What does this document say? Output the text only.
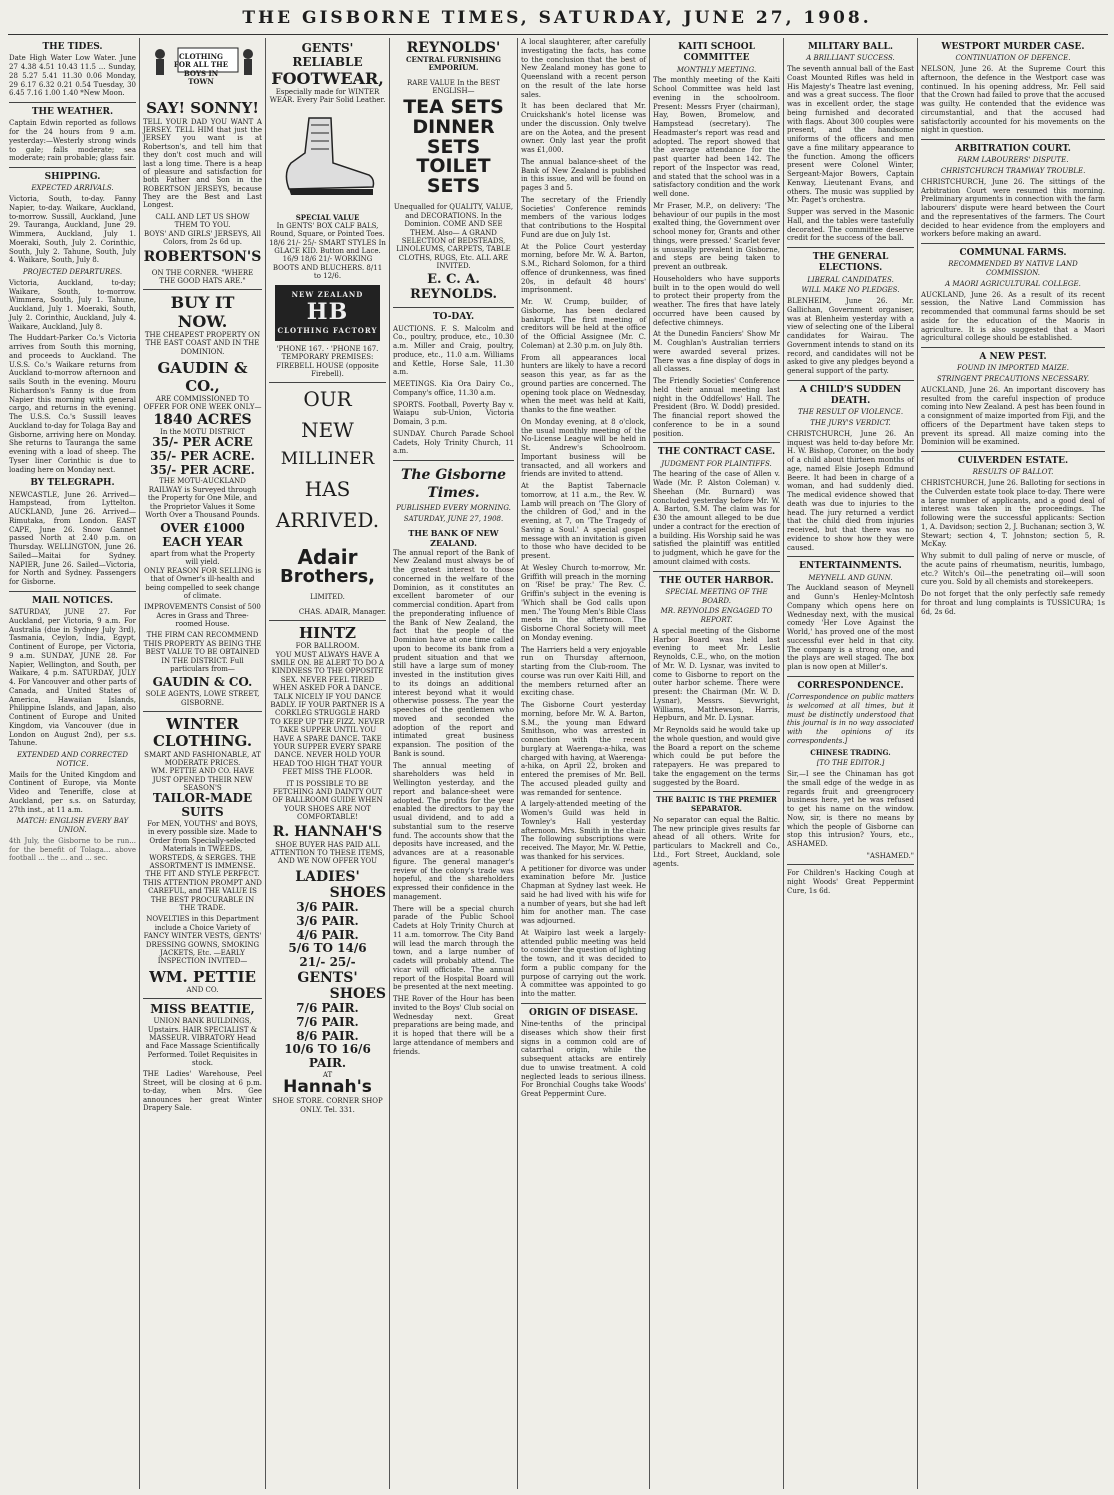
THE GISBORNE TIMES, SATURDAY, JUNE 27, 1908.
THE TIDES.

Date High Water Low Water. June 27 4.38 4.51 10.43 11.5 ... Sunday, 28 5.27 5.41 11.30 0.06 Monday, 29 6.17 6.32 0.21 0.54 Tuesday, 30 6.45 7.16 1.00 1.40 *New Moon.

THE WEATHER.

Captain Edwin reported as follows for the 24 hours from 9 a.m. yesterday:—Westerly strong winds to gale; falls moderate; sea moderate; rain probable; glass fair.

SHIPPING.
EXPECTED ARRIVALS.

Victoria, South, to-day. Fanny Napier, to-day. Waikare, Auckland, to-morrow. Sussill, Auckland, June 29. Tauranga, Auckland, June 29. Wimmera, Auckland, July 1. Moeraki, South, July 2. Corinthic, South, July 2. Tahune, South, July 4. Waikare, South, July 8.

PROJECTED DEPARTURES.

Victoria, Auckland, to-day; Waikare, South, to-morrow. Wimmera, South, July 1. Tahune, Auckland, July 1. Moeraki, South, July 2. Corinthic, Auckland, July 4. Waikare, Auckland, July 8.

The Huddart-Parker Co.'s Victoria arrives from South this morning, and proceeds to Auckland. The U.S.S. Co.'s Waikare returns from Auckland to-morrow afternoon and sails South in the evening. Mouru Richardson's Fanny is due from Napier this morning with general cargo, and returns in the evening. The U.S.S. Co.'s Sussill leaves Auckland to-day for Tolaga Bay and Gisborne, arriving here on Monday. She returns to Tauranga the same evening with a load of sheep. The Tyser liner Corinthic is due to loading here on Monday next.

BY TELEGRAPH.

NEWCASTLE, June 26. Arrived—Hampstead, from Lyttelton. AUCKLAND, June 26. Arrived—Rimutaka, from London. EAST CAPE, June 26. Snow Gannet passed North at 2.40 p.m. on Thursday. WELLINGTON, June 26. Sailed—Maitai for Sydney. NAPIER, June 26. Sailed—Victoria, for North and Sydney. Passengers for Gisborne.

MAIL NOTICES.

SATURDAY, JUNE 27. For Auckland, per Victoria, 9 a.m. For Australia (due in Sydney July 3rd), Tasmania, Ceylon, India, Egypt, Continent of Europe, per Victoria, 9 a.m. SUNDAY, JUNE 28. For Napier, Wellington, and South, per Waikare, 4 p.m. SATURDAY, JULY 4. For Vancouver and other parts of Canada, and United States of America, Hawaiian Islands, Philippine Islands, and Japan, also Continent of Europe and United Kingdom, via Vancouver (due in London on August 2nd), per s.s. Tahune.

EXTENDED AND CORRECTED NOTICE.

Mails for the United Kingdom and Continent of Europe, via Monte Video and Teneriffe, close at Auckland, per s.s. on Saturday, 27th inst., at 11 a.m.

MATCH: ENGLISH EVERY BAY UNION.

4th July, the Gisborne to be run... for the benefit of Tolaga... above football ... the ... and ... sec.

CLOTHING FOR ALL THE BOYS IN TOWN
SAY! SONNY!

TELL YOUR DAD YOU WANT A JERSEY. TELL HIM that just the JERSEY you want is at Robertson's, and tell him that they don't cost much and will last a long time. There is a heap of pleasure and satisfaction for both Father and Son in the ROBERTSON JERSEYS, because They are the Best and Last Longest.

CALL AND LET US SHOW THEM TO YOU.
BOYS' AND GIRLS' JERSEYS, All Colors, from 2s 6d up.
ROBERTSON'S
ON THE CORNER. "WHERE THE GOOD HATS ARE."
BUY IT NOW.
THE CHEAPEST PROPERTY ON THE EAST COAST AND IN THE DOMINION.
GAUDIN & CO.,
ARE COMMISSIONED TO OFFER FOR ONE WEEK ONLY—
1840 ACRES
In the MOTU DISTRICT
35/- PER ACRE
35/- PER ACRE.
35/- PER ACRE.

THE MOTU-AUCKLAND RAILWAY is Surveyed through the Property for One Mile, and the Proprietor Values it Some Worth Over a Thousand Pounds.

OVER £1000 EACH YEAR
apart from what the Property will yield.

ONLY REASON FOR SELLING is that of Owner's ill-health and being compelled to seek change of climate.

IMPROVEMENTS Consist of 500 Acres in Grass and Three-roomed House.

THE FIRM CAN RECOMMEND THIS PROPERTY AS BEING THE BEST VALUE TO BE OBTAINED IN THE DISTRICT. Full particulars from—

GAUDIN & CO.
SOLE AGENTS, LOWE STREET, GISBORNE.
WINTER CLOTHING.
SMART AND FASHIONABLE, AT MODERATE PRICES.
WM. PETTIE AND CO. HAVE JUST OPENED THEIR NEW SEASON'S
TAILOR-MADE SUITS

For MEN, YOUTHS' and BOYS, in every possible size. Made to Order from Specially-selected Materials in TWEEDS, WORSTEDS, & SERGES. THE ASSORTMENT IS IMMENSE. THE FIT AND STYLE PERFECT. THIS ATTENTION PROMPT AND CAREFUL, and THE VALUE IS THE BEST PROCURABLE IN THE TRADE.

NOVELTIES in this Department include a Choice Variety of FANCY WINTER VESTS, GENTS' DRESSING GOWNS, SMOKING JACKETS, Etc. —EARLY INSPECTION INVITED—

WM. PETTIE
AND CO.
MISS BEATTIE,

UNION BANK BUILDINGS, Upstairs. HAIR SPECIALIST & MASSEUR. VIBRATORY Head and Face Massage Scientifically Performed. Toilet Requisites in stock.

THE Ladies' Warehouse, Peel Street, will be closing at 6 p.m. to-day, when Mrs. Gee announces her great Winter Drapery Sale.

GENTS' RELIABLE
FOOTWEAR,
Especially made for WINTER WEAR. Every Pair Solid Leather.
SPECIAL VALUE

In GENTS' BOX CALF BALS, Round, Square, or Pointed Toes. 18/6 21/- 25/- SMART STYLES In GLACE KID. Button and Lace. 16/9 18/6 21/- WORKING BOOTS AND BLUCHERS. 8/11 to 12/6.

NEW ZEALAND
HB
CLOTHING FACTORY
'PHONE 167. · 'PHONE 167.
TEMPORARY PREMISES: FIREBELL HOUSE (opposite Firebell).
OUR
NEW
MILLINER
HAS
ARRIVED.
Adair
Brothers,
LIMITED.
CHAS. ADAIR, Manager.
HINTZ
FOR BALLROOM.

YOU MUST ALWAYS HAVE A SMILE ON. BE ALERT TO DO A KINDNESS TO THE OPPOSITE SEX. NEVER FEEL TIRED WHEN ASKED FOR A DANCE. TALK NICELY IF YOU DANCE BADLY. IF YOUR PARTNER IS A CORKLEG STRUGGLE HARD TO KEEP UP THE FIZZ. NEVER TAKE SUPPER UNTIL YOU HAVE A SPARE DANCE. TAKE YOUR SUPPER EVERY SPARE DANCE. NEVER HOLD YOUR HEAD TOO HIGH THAT YOUR FEET MISS THE FLOOR.

IT IS POSSIBLE TO BE FETCHING AND DAINTY OUT OF BALLROOM GUIDE WHEN YOUR SHOES ARE NOT COMFORTABLE!

R. HANNAH'S

SHOE BUYER HAS PAID ALL ATTENTION TO THESE ITEMS, AND WE NOW OFFER YOU

LADIES'
SHOES
3/6 PAIR.
3/6 PAIR.
4/6 PAIR.
5/6 TO 14/6
21/- 25/-
GENTS'
SHOES
7/6 PAIR.
7/6 PAIR.
8/6 PAIR.
10/6 TO 16/6 PAIR.
AT
Hannah's
SHOE STORE. CORNER SHOP ONLY. Tel. 331.
REYNOLDS'
CENTRAL FURNISHING EMPORIUM.
RARE VALUE In the BEST ENGLISH—
TEA SETS
DINNER SETS
TOILET SETS

Unequalled for QUALITY, VALUE, and DECORATIONS. In the Dominion. COME AND SEE THEM. Also— A GRAND SELECTION of BEDSTEADS, LINOLEUMS, CARPETS, TABLE CLOTHS, RUGS, Etc. ALL ARE INVITED.

E. C. A. REYNOLDS.
TO-DAY.

AUCTIONS. F. S. Malcolm and Co., poultry, produce, etc., 10.30 a.m. Miller and Craig, poultry, produce, etc., 11.0 a.m. Williams and Kettle, Horse Sale, 11.30 a.m.

MEETINGS. Kia Ora Dairy Co., Company's office, 11.30 a.m.

SPORTS. Football, Poverty Bay v. Waiapu sub-Union, Victoria Domain, 3 p.m.

SUNDAY. Church Parade School Cadets, Holy Trinity Church, 11 a.m.

The Gisborne Times.
PUBLISHED EVERY MORNING.
SATURDAY, JUNE 27, 1908.
THE BANK OF NEW ZEALAND.

The annual report of the Bank of New Zealand must always be of the greatest interest to those concerned in the welfare of the Dominion, as it constitutes an excellent barometer of our commercial condition. Apart from the preponderating influence of the Bank of New Zealand, the fact that the people of the Dominion have at one time called upon to become its bank from a prudent situation and that we still have a large sum of money invested in the institution gives to its doings an additional interest beyond what it would otherwise possess. The year the speeches of the gentlemen who moved and seconded the adoption of the report and intimated great business expansion. The position of the Bank is sound.

The annual meeting of shareholders was held in Wellington yesterday, and the report and balance-sheet were adopted. The profits for the year enabled the directors to pay the usual dividend, and to add a substantial sum to the reserve fund. The accounts show that the deposits have increased, and the advances are at a reasonable figure. The general manager's review of the colony's trade was hopeful, and the shareholders expressed their confidence in the management.

There will be a special church parade of the Public School Cadets at Holy Trinity Church at 11 a.m. tomorrow. The City Band will lead the march through the town, and a large number of cadets will probably attend. The vicar will officiate. The annual report of the Hospital Board will be presented at the next meeting.

THE Rover of the Hour has been invited to the Boys' Club social on Wednesday next. Great preparations are being made, and it is hoped that there will be a large attendance of members and friends.

A local slaughterer, after carefully investigating the facts, has come to the conclusion that the best of New Zealand money has gone to Queensland with a recent person on the result of the late horse sales.

It has been declared that Mr. Cruickshank's hotel license was under the discussion. Only twelve are on the Aotea, and the present owner. Only last year the profit was £1,000.

The annual balance-sheet of the Bank of New Zealand is published in this issue, and will be found on pages 3 and 5.

The secretary of the Friendly Societies' Conference reminds members of the various lodges that contributions to the Hospital Fund are due on July 1st.

At the Police Court yesterday morning, before Mr. W. A. Barton, S.M., Richard Solomon, for a third offence of drunkenness, was fined 20s, in default 48 hours' imprisonment.

Mr. W. Crump, builder, of Gisborne, has been declared bankrupt. The first meeting of creditors will be held at the office of the Official Assignee (Mr. C. Coleman) at 2.30 p.m. on July 8th.

From all appearances local hunters are likely to have a record season this year, as far as the ground parties are concerned. The opening took place on Wednesday, when the meet was held at Kaiti, thanks to the fine weather.

On Monday evening, at 8 o'clock, the usual monthly meeting of the No-License League will be held in St. Andrew's Schoolroom. Important business will be transacted, and all workers and friends are invited to attend.

At the Baptist Tabernacle tomorrow, at 11 a.m., the Rev. W. Lamb will preach on 'The Glory of the children of God,' and in the evening, at 7, on 'The Tragedy of Saving a Soul.' A special gospel message with an invitation is given to those who have decided to be present.

At Wesley Church to-morrow, Mr. Griffith will preach in the morning on 'Rise! be pray.' The Rev. C. Griffin's subject in the evening is 'Which shall be God calls upon men.' The Young Men's Bible Class meets in the afternoon. The Gisborne Choral Society will meet on Monday evening.

The Harriers held a very enjoyable run on Thursday afternoon, starting from the Club-room. The course was run over Kaiti Hill, and the members returned after an exciting chase.

The Gisborne Court yesterday morning, before Mr. W. A. Barton, S.M., the young man Edward Smithson, who was arrested in connection with the recent burglary at Waerenga-a-hika, was charged with having, at Waerenga-a-hika, on April 22, broken and entered the premises of Mr. Bell. The accused pleaded guilty and was remanded for sentence.

A largely-attended meeting of the Women's Guild was held in Townley's Hall yesterday afternoon. Mrs. Smith in the chair. The following subscriptions were received. The Mayor, Mr. W. Pettie, was thanked for his services.

A petitioner for divorce was under examination before Mr. Justice Chapman at Sydney last week. He said he had lived with his wife for a number of years, but she had left him for another man. The case was adjourned.

At Waipiro last week a largely-attended public meeting was held to consider the question of lighting the town, and it was decided to form a public company for the purpose of carrying out the work. A committee was appointed to go into the matter.

ORIGIN OF DISEASE.

Nine-tenths of the principal diseases which show their first signs in a common cold are of catarrhal origin, while the subsequent attacks are entirely due to unwise treatment. A cold neglected leads to serious illness. For Bronchial Coughs take Woods' Great Peppermint Cure.

KAITI SCHOOL COMMITTEE
MONTHLY MEETING.

The monthly meeting of the Kaiti School Committee was held last evening in the schoolroom. Present: Messrs Fryer (chairman), Hay, Bowen, Bromelow, and Hampstead (secretary). The Headmaster's report was read and adopted. The report showed that the average attendance for the past quarter had been 142. The report of the Inspector was read, and stated that the school was in a satisfactory condition and the work well done.

Mr Fraser, M.P., on delivery: 'The behaviour of our pupils in the most exalted thing, the Government over school money for, Grants and other things, were pressed.' Scarlet fever is unusually prevalent in Gisborne, and steps are being taken to prevent an outbreak.

Householders who have supports built in to the open would do well to protect their property from the weather. The fires that have lately occurred have been caused by defective chimneys.

At the Dunedin Fanciers' Show Mr M. Coughlan's Australian terriers were awarded several prizes. There was a fine display of dogs in all classes.

The Friendly Societies' Conference held their annual meeting last night in the Oddfellows' Hall. The President (Bro. W. Dodd) presided. The financial report showed the conference to be in a sound position.

THE CONTRACT CASE.
JUDGMENT FOR PLAINTIFFS.

The hearing of the case of Allen v. Wade (Mr. P. Alston Coleman) v. Sheehan (Mr. Burnard) was concluded yesterday before Mr. W. A. Barton, S.M. The claim was for £30 the amount alleged to be due under a contract for the erection of a building. His Worship said he was satisfied the plaintiff was entitled to judgment, which he gave for the amount claimed with costs.

THE OUTER HARBOR.
SPECIAL MEETING OF THE BOARD.
MR. REYNOLDS ENGAGED TO REPORT.

A special meeting of the Gisborne Harbor Board was held last evening to meet Mr. Leslie Reynolds, C.E., who, on the motion of Mr. W. D. Lysnar, was invited to come to Gisborne to report on the outer harbor scheme. There were present: the Chairman (Mr. W. D. Lysnar), Messrs. Sievwright, Williams, Matthewson, Harris, Hepburn, and Mr. D. Lysnar.

Mr Reynolds said he would take up the whole question, and would give the Board a report on the scheme which could be put before the ratepayers. He was prepared to take the engagement on the terms suggested by the Board.

THE BALTIC IS THE PREMIER SEPARATOR.

No separator can equal the Baltic. The new principle gives results far ahead of all others. Write for particulars to Mackrell and Co., Ltd., Fort Street, Auckland, sole agents.

MILITARY BALL.
A BRILLIANT SUCCESS.

The seventh annual ball of the East Coast Mounted Rifles was held in His Majesty's Theatre last evening, and was a great success. The floor was in excellent order, the stage being furnished and decorated with flags. About 300 couples were present, and the handsome uniforms of the officers and men gave a fine military appearance to the function. Among the officers present were Colonel Winter, Sergeant-Major Bowers, Captain Kenway, Lieutenant Evans, and others. The music was supplied by Mr. Paget's orchestra.

Supper was served in the Masonic Hall, and the tables were tastefully decorated. The committee deserve credit for the success of the ball.

THE GENERAL ELECTIONS.
LIBERAL CANDIDATES.
WILL MAKE NO PLEDGES.

BLENHEIM, June 26. Mr. Gallichan, Government organiser, was at Blenheim yesterday with a view of selecting one of the Liberal candidates for Wairau. The Government intends to stand on its record, and candidates will not be asked to give any pledges beyond a general support of the party.

A CHILD'S SUDDEN DEATH.
THE RESULT OF VIOLENCE.
THE JURY'S VERDICT.

CHRISTCHURCH, June 26. An inquest was held to-day before Mr. H. W. Bishop, Coroner, on the body of a child about thirteen months of age, named Elsie Joseph Edmund Beere. It had been in charge of a woman, and had suddenly died. The medical evidence showed that death was due to injuries to the head. The jury returned a verdict that the child died from injuries received, but that there was no evidence to show how they were caused.

ENTERTAINMENTS.
MEYNELL AND GUNN.

The Auckland season of Meynell and Gunn's Henley-McIntosh Company which opens here on Wednesday next, with the musical comedy 'Her Love Against the World,' has proved one of the most successful ever held in that city. The company is a strong one, and the plays are well staged. The box plan is now open at Miller's.

CORRESPONDENCE.

[Correspondence on public matters is welcomed at all times, but it must be distinctly understood that this journal is in no way associated with the opinions of its correspondents.]

CHINESE TRADING.
[TO THE EDITOR.]

Sir,—I see the Chinaman has got the small edge of the wedge in as regards fruit and greengrocery business here, yet he was refused to get his name on the window. Now, sir, is there no means by which the people of Gisborne can stop this intrusion? Yours, etc., ASHAMED.

"ASHAMED."

For Children's Hacking Cough at night Woods' Great Peppermint Cure, 1s 6d.

WESTPORT MURDER CASE.
CONTINUATION OF DEFENCE.

NELSON, June 26. At the Supreme Court this afternoon, the defence in the Westport case was continued. In his opening address, Mr. Fell said that the Crown had failed to prove that the accused was guilty. He contended that the evidence was circumstantial, and that the accused had satisfactorily accounted for his movements on the night in question.

ARBITRATION COURT.
FARM LABOURERS' DISPUTE.
CHRISTCHURCH TRAMWAY TROUBLE.

CHRISTCHURCH, June 26. The sittings of the Arbitration Court were resumed this morning. Preliminary arguments in connection with the farm labourers' dispute were heard between the Court and the representatives of the farmers. The Court decided to hear evidence from the employers and workers before making an award.

COMMUNAL FARMS.
RECOMMENDED BY NATIVE LAND COMMISSION.
A MAORI AGRICULTURAL COLLEGE.

AUCKLAND, June 26. As a result of its recent session, the Native Land Commission has recommended that communal farms should be set aside for the education of the Maoris in agriculture. It is also suggested that a Maori agricultural college should be established.

A NEW PEST.
FOUND IN IMPORTED MAIZE.
STRINGENT PRECAUTIONS NECESSARY.

AUCKLAND, June 26. An important discovery has resulted from the careful inspection of produce coming into New Zealand. A pest has been found in a consignment of maize imported from Fiji, and the officers of the Department have taken steps to prevent its spread. All maize coming into the Dominion will be examined.

CULVERDEN ESTATE.
RESULTS OF BALLOT.

CHRISTCHURCH, June 26. Balloting for sections in the Culverden estate took place to-day. There were a large number of applicants, and a good deal of interest was taken in the proceedings. The following were the successful applicants: Section 1, A. Davidson; section 2, J. Buchanan; section 3, W. Stewart; section 4, T. Johnston; section 5, R. McKay.

Why submit to dull paling of nerve or muscle, of the acute pains of rheumatism, neuritis, lumbago, etc.? Witch's Oil—the penetrating oil—will soon cure you. Sold by all chemists and storekeepers.

Do not forget that the only perfectly safe remedy for throat and lung complaints is TUSSICURA; 1s 6d, 2s 6d.
